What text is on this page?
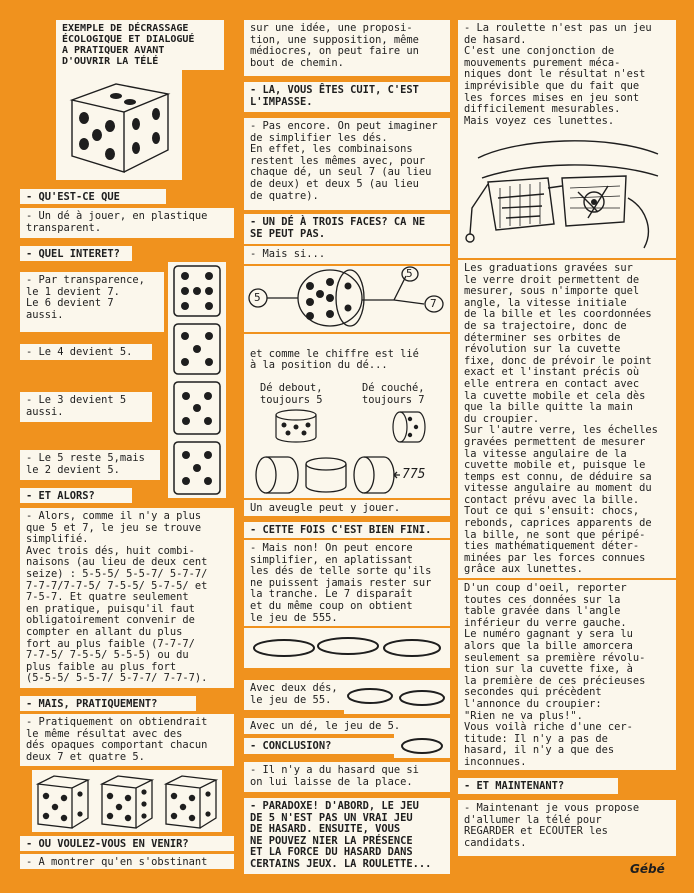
EXEMPLE DE DÉCRASSAGE
ÉCOLOGIQUE ET DIALOGUÉ
A PRATIQUER AVANT
D'OUVRIR LA TÉLÉ
- QU'EST-CE QUE
- Un dé à jouer, en plastique
transparent.
- QUEL INTERET?
- Par transparence,
le 1 devient 7.
Le 6 devient 7
aussi.
- Le 4 devient 5.
- Le 3 devient 5
aussi.
- Le 5 reste 5,mais
le 2 devient 5.
- ET ALORS?
- Alors, comme il n'y a plus
que 5 et 7, le jeu se trouve
simplifié.
Avec trois dés, huit combi-
naisons (au lieu de deux cent
seize) : 5-5-5/ 5-5-7/ 5-7-7/
7-7-7/7-7-5/ 7-5-5/ 5-7-5/ et
7-5-7. Et quatre seulement
en pratique, puisqu'il faut
obligatoirement convenir de
compter en allant du plus
fort au plus faible (7-7-7/
7-7-5/ 7-5-5/ 5-5-5) ou du
plus faible au plus fort
(5-5-5/ 5-5-7/ 5-7-7/ 7-7-7).
- MAIS, PRATIQUEMENT?
- Pratiquement on obtiendrait
le même résultat avec des
dés opaques comportant chacun
deux 7 et quatre 5.
- OU VOULEZ-VOUS EN VENIR?
- A montrer qu'en s'obstinant
sur une idée, une proposi-
tion, une supposition, même
médiocres, on peut faire un
bout de chemin.
- LA, VOUS ÊTES CUIT, C'EST
L'IMPASSE.
- Pas encore. On peut imaginer
de simplifier les dés.
En effet, les combinaisons
restent les mêmes avec, pour
chaque dé, un seul 7 (au lieu
de deux) et deux 5 (au lieu
de quatre).
- UN DÉ À TROIS FACES? CA NE
SE PEUT PAS.
- Mais si...
5
5
7

et comme le chiffre est lié
à la position du dé...

Dé debout,
toujours 5

Dé couché,
toujours 7

775
Un aveugle peut y jouer.
- CETTE FOIS C'EST BIEN FINI.
- Mais non! On peut encore
simplifier, en aplatissant
les dés de telle sorte qu'ils
ne puissent jamais rester sur
la tranche. Le 7 disparaît
et du même coup on obtient
le jeu de 555.
Avec deux dés,
le jeu de 55.
Avec un dé, le jeu de 5.
- CONCLUSION?
- Il n'y a du hasard que si
on lui laisse de la place.
- PARADOXE! D'ABORD, LE JEU
DE 5 N'EST PAS UN VRAI JEU
DE HASARD. ENSUITE, VOUS
NE POUVEZ NIER LA PRÉSENCE
ET LA FORCE DU HASARD DANS
CERTAINS JEUX. LA ROULETTE...
- La roulette n'est pas un jeu
de hasard.
C'est une conjonction de
mouvements purement méca-
niques dont le résultat n'est
imprévisible que du fait que
les forces mises en jeu sont
difficilement mesurables.
Mais voyez ces lunettes.
Les graduations gravées sur
le verre droit permettent de
mesurer, sous n'importe quel
angle, la vitesse initiale
de la bille et les coordonnées
de sa trajectoire, donc de
déterminer ses orbites de
révolution sur la cuvette
fixe, donc de prévoir le point
exact et l'instant précis où
elle entrera en contact avec
la cuvette mobile et cela dès
que la bille quitte la main
du croupier.
Sur l'autre verre, les échelles
gravées permettent de mesurer
la vitesse angulaire de la
cuvette mobile et, puisque le
temps est connu, de déduire sa
vitesse angulaire au moment du
contact prévu avec la bille.
Tout ce qui s'ensuit: chocs,
rebonds, caprices apparents de
la bille, ne sont que péripé-
ties mathématiquement déter-
minées par les forces connues
grâce aux lunettes.
D'un coup d'oeil, reporter
toutes ces données sur la
table gravée dans l'angle
inférieur du verre gauche.
Le numéro gagnant y sera lu
alors que la bille amorcera
seulement sa première révolu-
tion sur la cuvette fixe, à
la première de ces précieuses
secondes qui précèdent
l'annonce du croupier:
"Rien ne va plus!".
Vous voilà riche d'une cer-
titude: Il n'y a pas de
hasard, il n'y a que des
inconnues.
- ET MAINTENANT?
- Maintenant je vous propose
d'allumer la télé pour
REGARDER et ECOUTER les
candidats.
Gébé
